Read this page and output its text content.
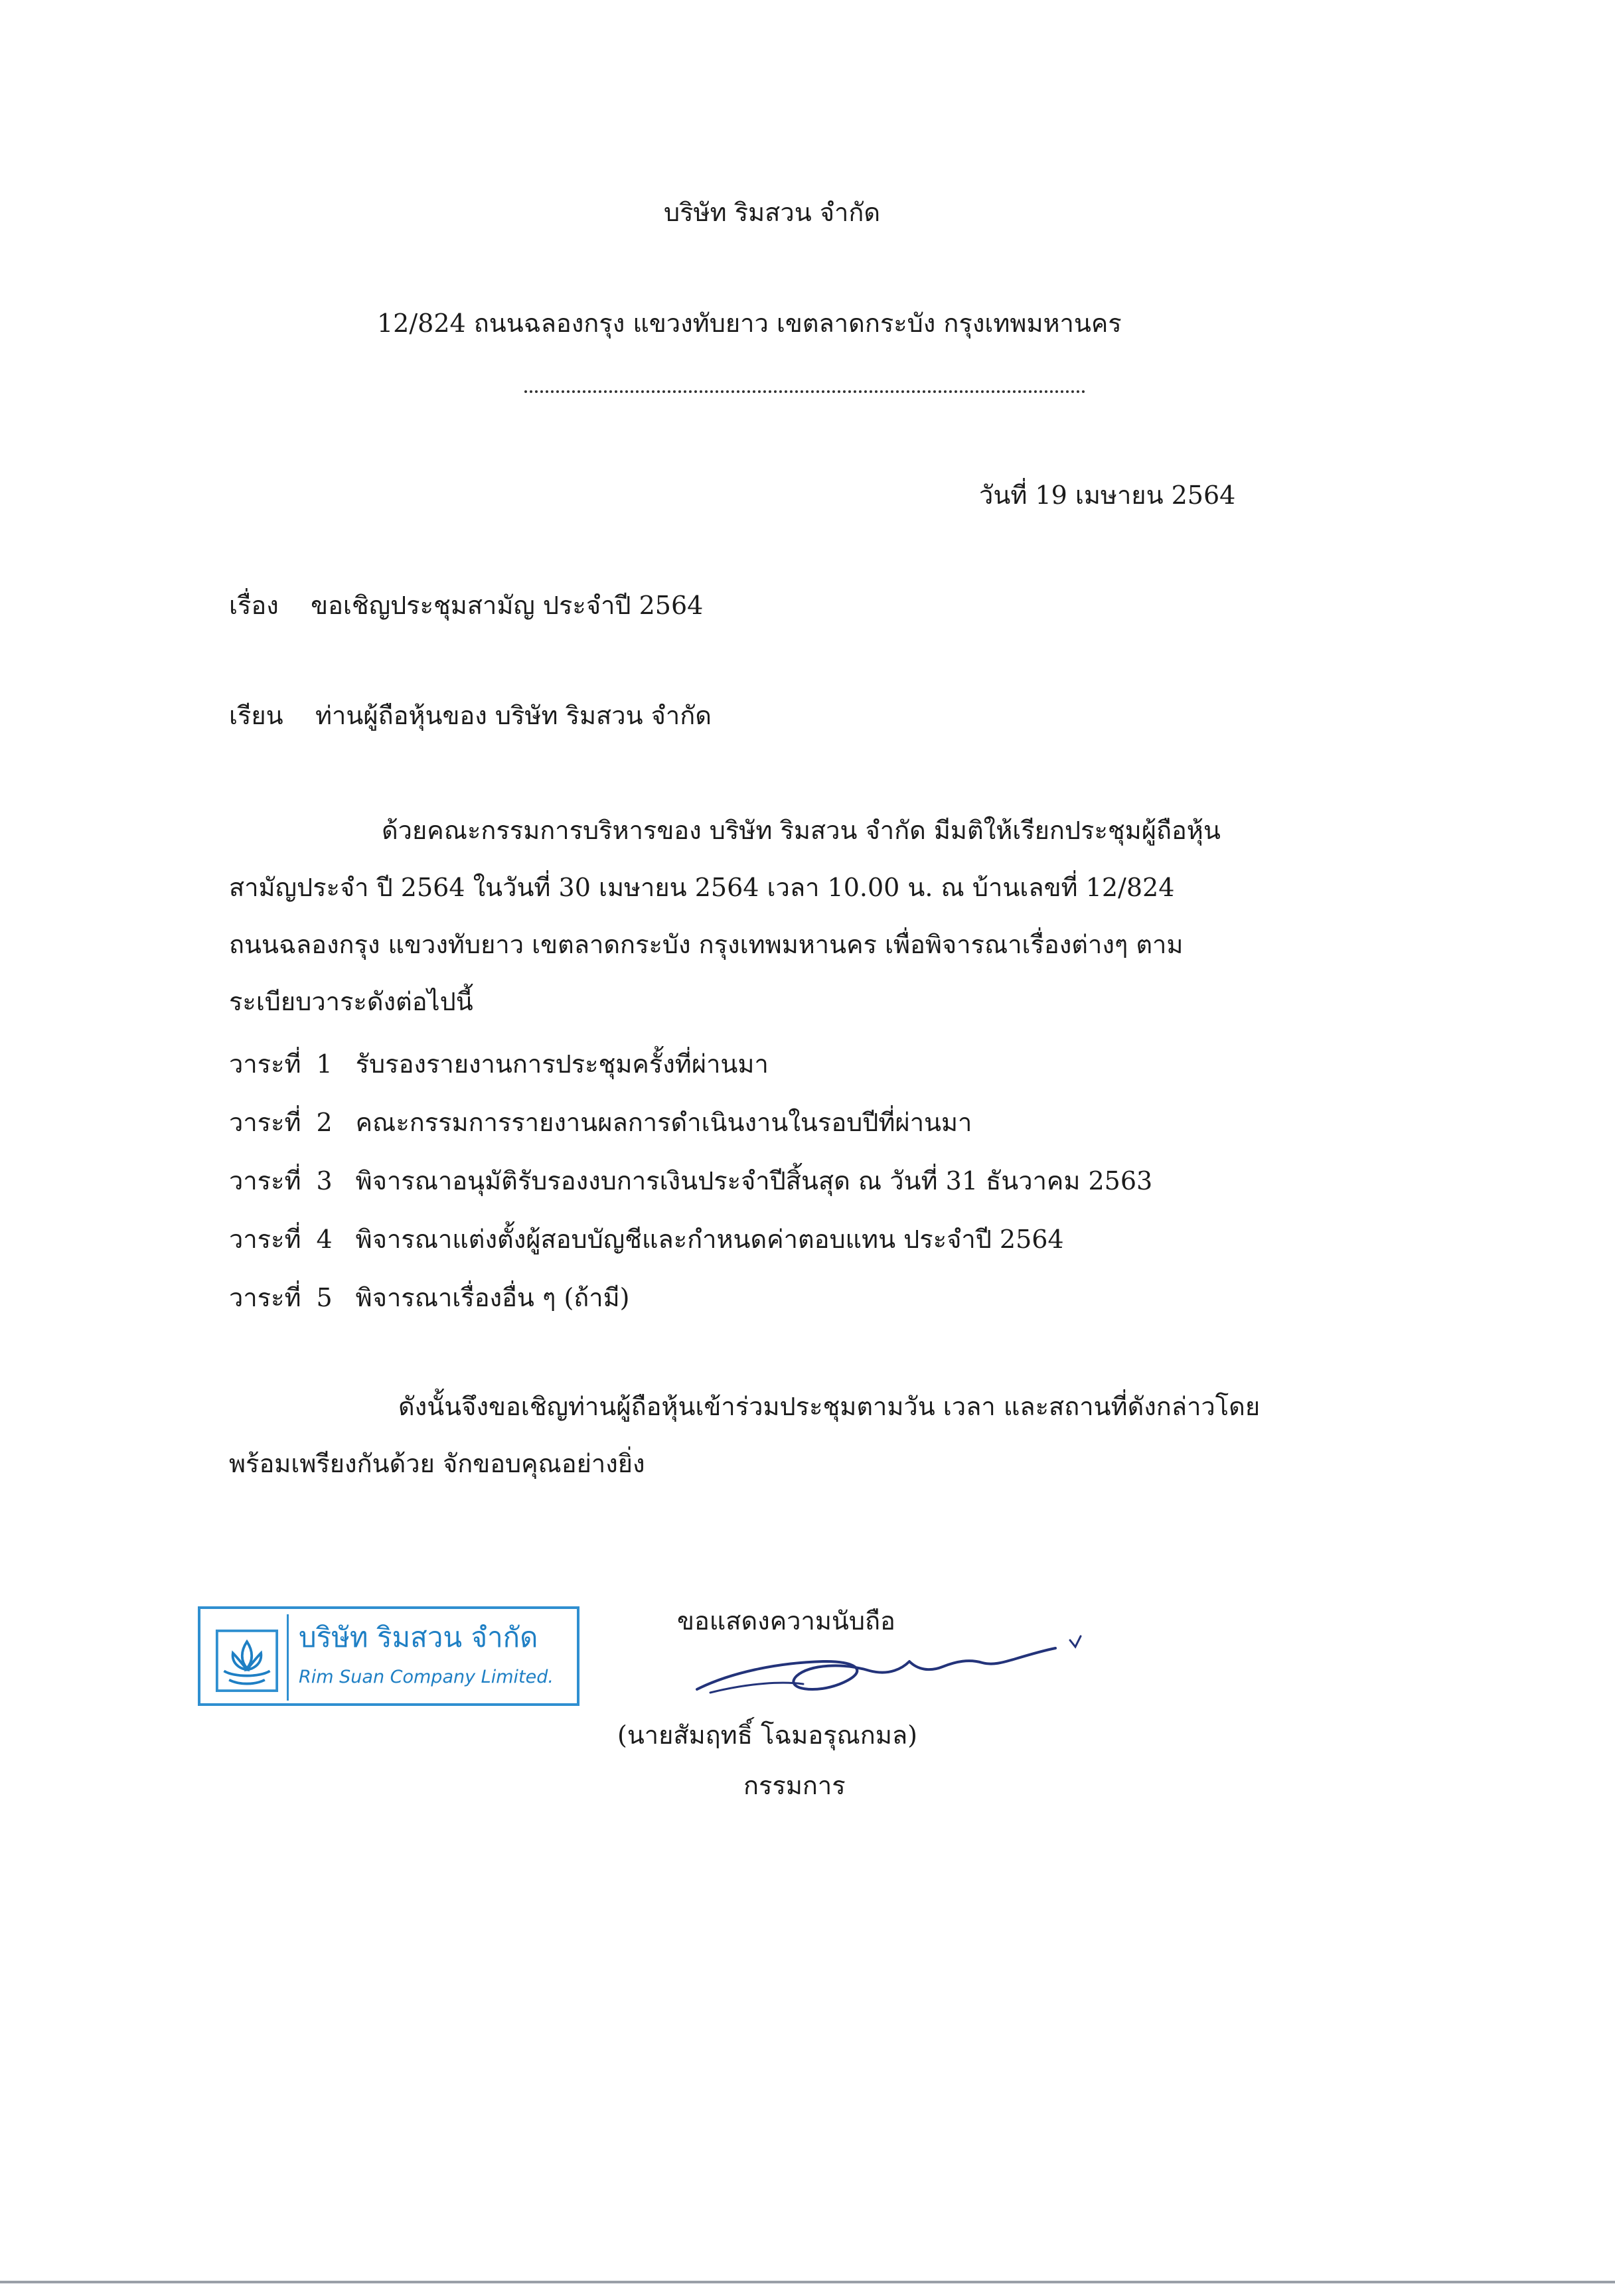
บริษัท ริมสวน จำกัด
12/824 ถนนฉลองกรุง แขวงทับยาว เขตลาดกระบัง กรุงเทพมหานคร
วันที่ 19 เมษายน 2564
เรื่อง ขอเชิญประชุมสามัญ ประจำปี 2564
เรียน ท่านผู้ถือหุ้นของ บริษัท ริมสวน จำกัด
ด้วยคณะกรรมการบริหารของ บริษัท ริมสวน จำกัด มีมติให้เรียกประชุมผู้ถือหุ้น
สามัญประจำ ปี 2564 ในวันที่ 30 เมษายน 2564 เวลา 10.00 น. ณ บ้านเลขที่ 12/824
ถนนฉลองกรุง แขวงทับยาว เขตลาดกระบัง กรุงเทพมหานคร เพื่อพิจารณาเรื่องต่างๆ ตาม
ระเบียบวาระดังต่อไปนี้
วาระที่ 1 รับรองรายงานการประชุมครั้งที่ผ่านมา
วาระที่ 2 คณะกรรมการรายงานผลการดำเนินงานในรอบปีที่ผ่านมา
วาระที่ 3 พิจารณาอนุมัติรับรองงบการเงินประจำปีสิ้นสุด ณ วันที่ 31 ธันวาคม 2563
วาระที่ 4 พิจารณาแต่งตั้งผู้สอบบัญชีและกำหนดค่าตอบแทน ประจำปี 2564
วาระที่ 5 พิจารณาเรื่องอื่น ๆ (ถ้ามี)
ดังนั้นจึงขอเชิญท่านผู้ถือหุ้นเข้าร่วมประชุมตามวัน เวลา และสถานที่ดังกล่าวโดย
พร้อมเพรียงกันด้วย จักขอบคุณอย่างยิ่ง
บริษัท ริมสวน จำกัด
Rim Suan Company Limited.
ขอแสดงความนับถือ
(นายสัมฤทธิ์ โฉมอรุณกมล)
กรรมการ
